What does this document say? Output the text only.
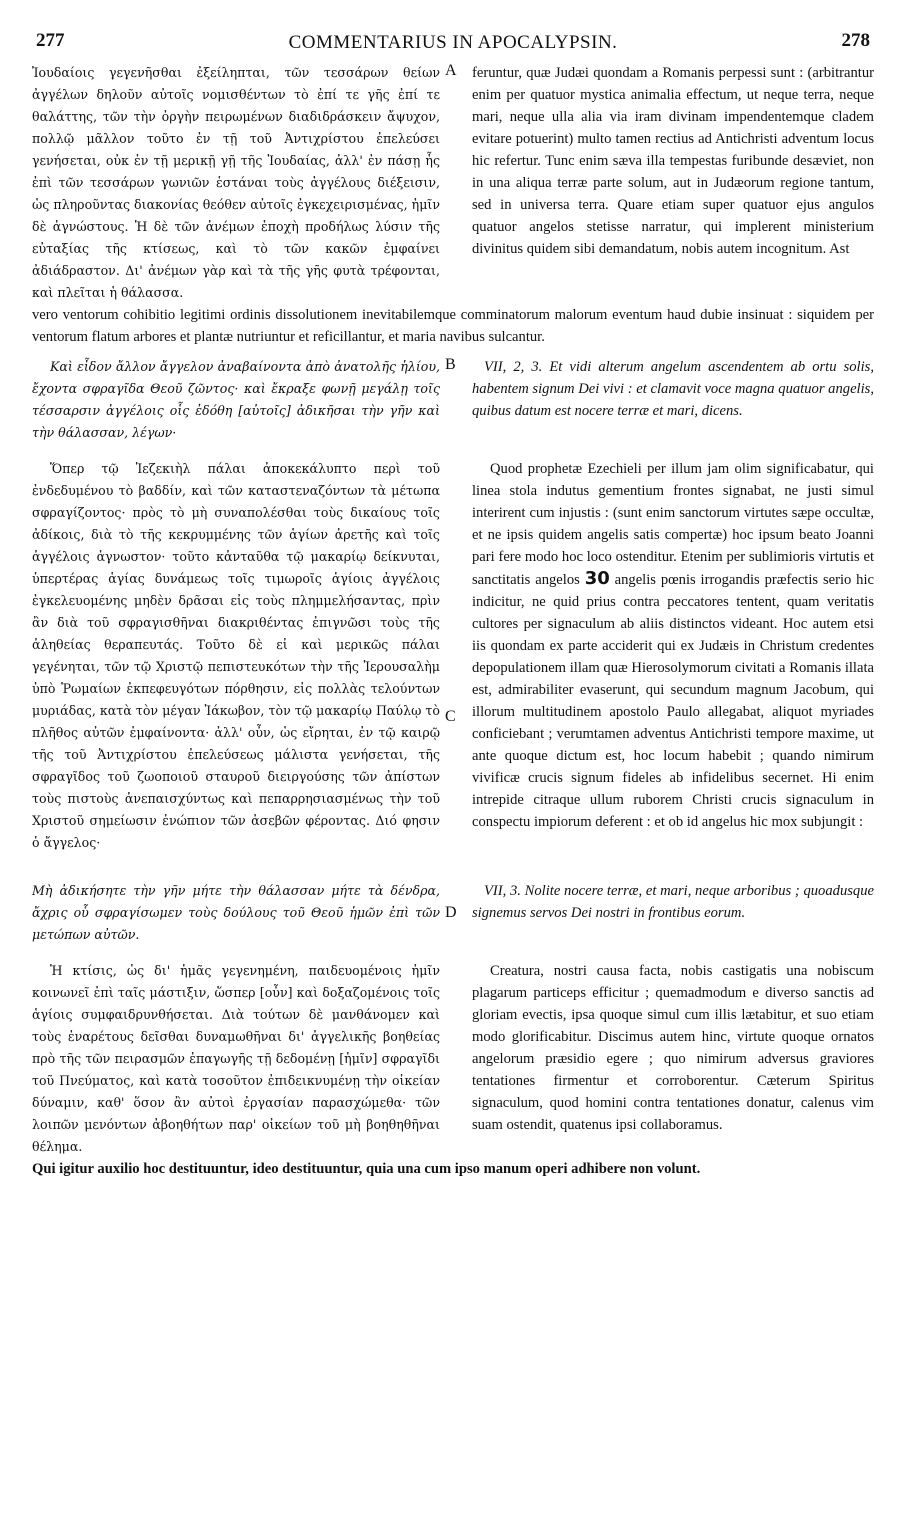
277	COMMENTARIUS IN APOCALYPSIN.	278

Ἰουδαίοις γεγενῆσθαι ἐξείληπται, τῶν τεσσάρων θείων ἀγγέλων δηλοῦν αὐτοῖς νομισθέντων τὸ ἐπί τε γῆς ἐπί τε θαλάττης, τῶν τὴν ὀργὴν πειρωμένων διαδιδράσκειν ἄψυχον, πολλῷ μᾶλλον τοῦτο ἐν τῇ τοῦ Ἀντιχρίστου ἐπελεύσει γενήσεται, οὐκ ἐν τῇ μερικῇ γῇ τῆς Ἰουδαίας, ἀλλ' ἐν πάσῃ ἧς ἐπὶ τῶν τεσσάρων γωνιῶν ἑστάναι τοὺς ἀγγέλους διέξεισιν, ὡς πληροῦντας διακονίας θεόθεν αὐτοῖς ἐγκεχειρισμένας, ἡμῖν δὲ ἀγνώστους. Ἡ δὲ τῶν ἀνέμων ἐποχὴ προδήλως λύσιν τῆς εὐταξίας τῆς κτίσεως, καὶ τὸ τῶν κακῶν ἐμφαίνει ἀδιάδραστον. Δι' ἀνέμων γὰρ καὶ τὰ τῆς γῆς φυτὰ τρέφονται, καὶ πλεῖται ἡ θάλασσα.

A feruntur, quæ Judæi quondam a Romanis perpessi sunt : (arbitrantur enim per quatuor mystica animalia effectum, ut neque terra, neque mari, neque ulla alia via iram divinam impendentemque cladem evitare potuerint) multo tamen rectius ad Antichristi adventum locus hic refertur. Tunc enim sæva illa tempestas furibunde desæviet, non in una aliqua terræ parte solum, aut in Judæorum regione tantum, sed in universa terra. Quare etiam super quatuor ejus angulos quatuor angelos stetisse narratur, qui implerent ministerium divinitus quidem sibi demandatum, nobis autem incognitum. Ast

vero ventorum cohibitio legitimi ordinis dissolutionem inevitabilemque comminatorum malorum eventum haud dubie insinuat : siquidem per ventorum flatum arbores et plantæ nutriuntur et reficillantur, et maria navibus sulcantur.

Καὶ εἶδον ἄλλον ἄγγελον ἀναβαίνοντα ἀπὸ ἀνατολῆς ἡλίου, ἔχοντα σφραγῖδα Θεοῦ ζῶντος· καὶ ἔκραξε φωνῇ μεγάλῃ τοῖς τέσσαρσιν ἀγγέλοις οἷς ἐδόθη [αὐτοῖς] ἀδικῆσαι τὴν γῆν καὶ τὴν θάλασσαν, λέγων·

B	VII, 2, 3. Et vidi alterum angelum ascendentem ab ortu solis, habentem signum Dei vivi : et clamavit voce magna quatuor angelis, quibus datum est nocere terræ et mari, dicens.

Ὅπερ τῷ Ἰεζεκιὴλ πάλαι ἀποκεκάλυπτο περὶ τοῦ ἐνδεδυμένου τὸ βαδδίν, καὶ τῶν καταστεναζόντων τὰ μέτωπα σφραγίζοντος· πρὸς τὸ μὴ συναπολέσθαι τοὺς δικαίους τοῖς ἀδίκοις, διὰ τὸ τῆς κεκρυμμένης τῶν ἁγίων ἀρετῆς καὶ τοῖς ἀγγέλοις ἀγνωστον· τοῦτο κἀνταῦθα τῷ μακαρίῳ δείκνυται, ὑπερτέρας ἁγίας δυνάμεως τοῖς τιμωροῖς ἁγίοις ἀγγέλοις ἐγκελευομένης μηδὲν δρᾶσαι εἰς τοὺς πλημμελήσαντας, πρὶν ἂν διὰ τοῦ σφραγισθῆναι διακριθέντας ἐπιγνῶσι τοὺς τῆς ἀληθείας θεραπευτάς. Τοῦτο δὲ εἰ καὶ μερικῶς πάλαι γεγένηται, τῶν τῷ Χριστῷ πεπιστευκότων τὴν τῆς Ἱερουσαλὴμ ὑπὸ Ῥωμαίων ἐκπεφευγότων πόρθησιν, εἰς πολλὰς τελούντων μυριάδας, κατὰ τὸν μέγαν Ἰάκωβον, τὸν τῷ μακαρίῳ Παύλῳ τὸ πλῆθος αὐτῶν ἐμφαίνοντα· ἀλλ' οὖν, ὡς εἴρηται, ἐν τῷ καιρῷ τῆς τοῦ Ἀντιχρίστου ἐπελεύσεως μάλιστα γενήσεται, τῆς σφραγῖδος τοῦ ζωοποιοῦ σταυροῦ διειργούσης τῶν ἀπίστων τοὺς πιστοὺς ἀνεπαισχύντως καὶ πεπαρρησιασμένως τὴν τοῦ Χριστοῦ σημείωσιν ἐνώπιον τῶν ἀσεβῶν φέροντας. Διό φησιν ὁ ἄγγελος·

C

Quod prophetæ Ezechieli per illum jam olim significabatur, qui linea stola indutus gementium frontes signabat, ne justi simul interirent cum injustis : (sunt enim sanctorum virtutes sæpe occultæ, et ne ipsis quidem angelis satis compertæ) hoc ipsum beato Joanni pari fere modo hoc loco ostenditur. Etenim per sublimioris virtutis et sanctitatis angelos 30 angelis pœnis irrogandis præfectis serio hic indicitur, ne quid prius contra peccatores tentent, quam veritatis cultores per signaculum ab aliis distinctos videant. Hoc autem etsi iis quondam ex parte acciderit qui ex Judæis in Christum credentes depopulationem illam quæ Hierosolymorum civitati a Romanis illata est, admirabiliter evaserunt, qui secundum magnum Jacobum, qui illorum multitudinem apostolo Paulo allegabat, aliquot myriades conficiebant ; verumtamen adventus Antichristi tempore maxime, ut ante quoque dictum est, hoc locum habebit ; quando nimirum vivificæ crucis signum fideles ab infidelibus secernet. Hi enim intrepide citraque ullum ruborem Christi crucis signaculum in conspectu impiorum deferent : et ob id angelus hic mox subjungit :

Μὴ ἀδικήσητε τὴν γῆν μήτε τὴν θάλασσαν μήτε τὰ δένδρα, ἄχρις οὗ σφραγίσωμεν τοὺς δούλους τοῦ Θεοῦ ἡμῶν ἐπὶ τῶν μετώπων αὐτῶν.

D

VII, 3. Nolite nocere terræ, et mari, neque arboribus ; quoadusque signemus servos Dei nostri in frontibus eorum.

Ἡ κτίσις, ὡς δι' ἡμᾶς γεγενημένη, παιδευομένοις ἡμῖν κοινωνεῖ ἐπὶ ταῖς μάστιξιν, ὥσπερ [οὖν] καὶ δοξαζομένοις τοῖς ἁγίοις συμφαιδρυνθήσεται. Διὰ τούτων δὲ μανθάνομεν καὶ τοὺς ἐναρέτους δεῖσθαι δυναμωθῆναι δι' ἀγγελικῆς βοηθείας πρὸ τῆς τῶν πειρασμῶν ἐπαγωγῆς τῇ δεδομένῃ [ἡμῖν] σφραγῖδι τοῦ Πνεύματος, καὶ κατὰ τοσοῦτον ἐπιδεικνυμένῃ τὴν οἰκείαν δύναμιν, καθ' ὅσον ἂν αὐτοὶ ἐργασίαν παρασχώμεθα· τῶν λοιπῶν μενόντων ἀβοηθήτων παρ' οἰκείων τοῦ μὴ βοηθηθῆναι θέλημα.

Creatura, nostri causa facta, nobis castigatis una nobiscum plagarum particeps efficitur ; quemadmodum e diverso sanctis ad gloriam evectis, ipsa quoque simul cum illis lætabitur, et suo etiam modo glorificabitur. Discimus autem hinc, virtute quoque ornatos angelorum præsidio egere ; quo nimirum adversus graviores tentationes firmentur et corroborentur. Cæterum Spiritus signaculum, quod homini contra tentationes donatur, calenus vim suam ostendit, quatenus ipsi collaboramus.

Qui igitur auxilio hoc destituuntur, ideo destituuntur, quia una cum ipso manum operi adhibere non volunt.
